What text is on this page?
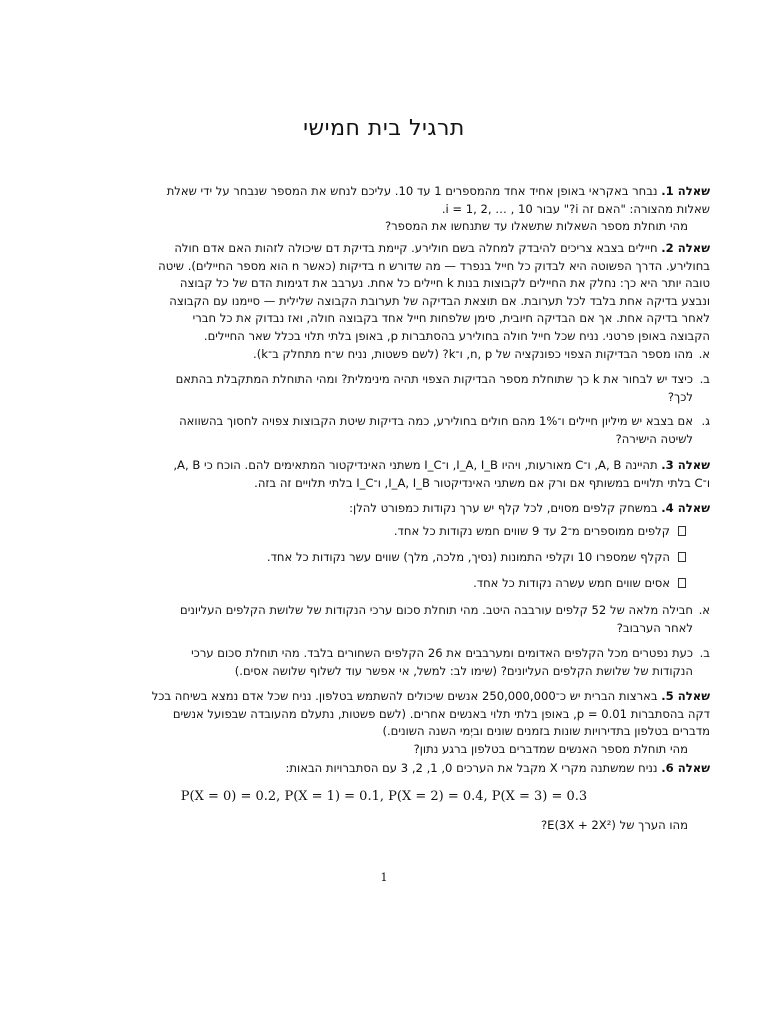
תרגיל בית חמישי
שאלה 1. נבחר באקראי באופן אחיד אחד מהמספרים 1 עד 10. עליכם לנחש את המספר שנבחר על ידי שאלת
שאלות מהצורה: "האם זה i?" עבור i = 1, 2, … , 10.
מהי תוחלת מספר השאלות שתשאלו עד שתנחשו את המספר?
שאלה 2. חיילים בצבא צריכים להיבדק למחלה בשם חולירע. קיימת בדיקת דם שיכולה לזהות האם אדם חולה
בחולירע. הדרך הפשוטה היא לבדוק כל חייל בנפרד — מה שדורש n בדיקות (כאשר n הוא מספר החיילים). שיטה
טובה יותר היא כך: נחלק את החיילים לקבוצות בנות k חיילים כל אחת. נערבב את דגימות הדם של כל קבוצה
ונבצע בדיקה אחת בלבד לכל תערובת. אם תוצאת הבדיקה של תערובת הקבוצה שלילית — סיימנו עם הקבוצה
לאחר בדיקה אחת. אך אם הבדיקה חיובית, סימן שלפחות חייל אחד בקבוצה חולה, ואז נבדוק את כל חברי
הקבוצה באופן פרטני. נניח שכל חייל חולה בחולירע בהסתברות p, באופן בלתי תלוי בכלל שאר החיילים.
א.
מהו מספר הבדיקות הצפוי כפונקציה של n, p, ו־k? (לשם פשטות, נניח ש־n מתחלק ב־k).
ב.
כיצד יש לבחור את k כך שתוחלת מספר הבדיקות הצפוי תהיה מינימלית? ומהי התוחלת המתקבלת בהתאם
לכך?
ג.
אם בצבא יש מיליון חיילים ו־1% מהם חולים בחולירע, כמה בדיקות שיטת הקבוצות צפויה לחסוך בהשוואה
לשיטה הישירה?
שאלה 3. תהיינה A, B, ו־C מאורעות, ויהיו I_A, I_B, ו־I_C משתני האינדיקטור המתאימים להם. הוכח כי A, B,
ו־C בלתי תלויים במשותף אם ורק אם משתני האינדיקטור I_A, I_B, ו־I_C בלתי תלויים זה בזה.
שאלה 4. במשחק קלפים מסוים, לכל קלף יש ערך נקודות כמפורט להלן:
קלפים ממוספרים מ־2 עד 9 שווים חמש נקודות כל אחד.
הקלף שמספרו 10 וקלפי התמונות (נסיך, מלכה, מלך) שווים עשר נקודות כל אחד.
אסים שווים חמש עשרה נקודות כל אחד.
א.
חבילה מלאה של 52 קלפים עורבבה היטב. מהי תוחלת סכום ערכי הנקודות של שלושת הקלפים העליונים
לאחר הערבוב?
ב.
כעת נפטרים מכל הקלפים האדומים ומערבבים את 26 הקלפים השחורים בלבד. מהי תוחלת סכום ערכי
הנקודות של שלושת הקלפים העליונים? (שימו לב: למשל, אי אפשר עוד לשלוף שלושה אסים.)
שאלה 5. בארצות הברית יש כ־250,000,000 אנשים שיכולים להשתמש בטלפון. נניח שכל אדם נמצא בשיחה בכל
דקה בהסתברות p = 0.01, באופן בלתי תלוי באנשים אחרים. (לשם פשטות, נתעלם מהעובדה שבפועל אנשים
מדברים בטלפון בתדירויות שונות בזמנים שונים וביְמי השנה השונים.)
מהי תוחלת מספר האנשים שמדברים בטלפון ברגע נתון?
שאלה 6. נניח שמשתנה מקרי X מקבל את הערכים 0, 1, 2, 3 עם הסתברויות הבאות:
P(X = 0) = 0.2, P(X = 1) = 0.1, P(X = 2) = 0.4, P(X = 3) = 0.3
מהו הערך של E(3X + 2X²)?
1
